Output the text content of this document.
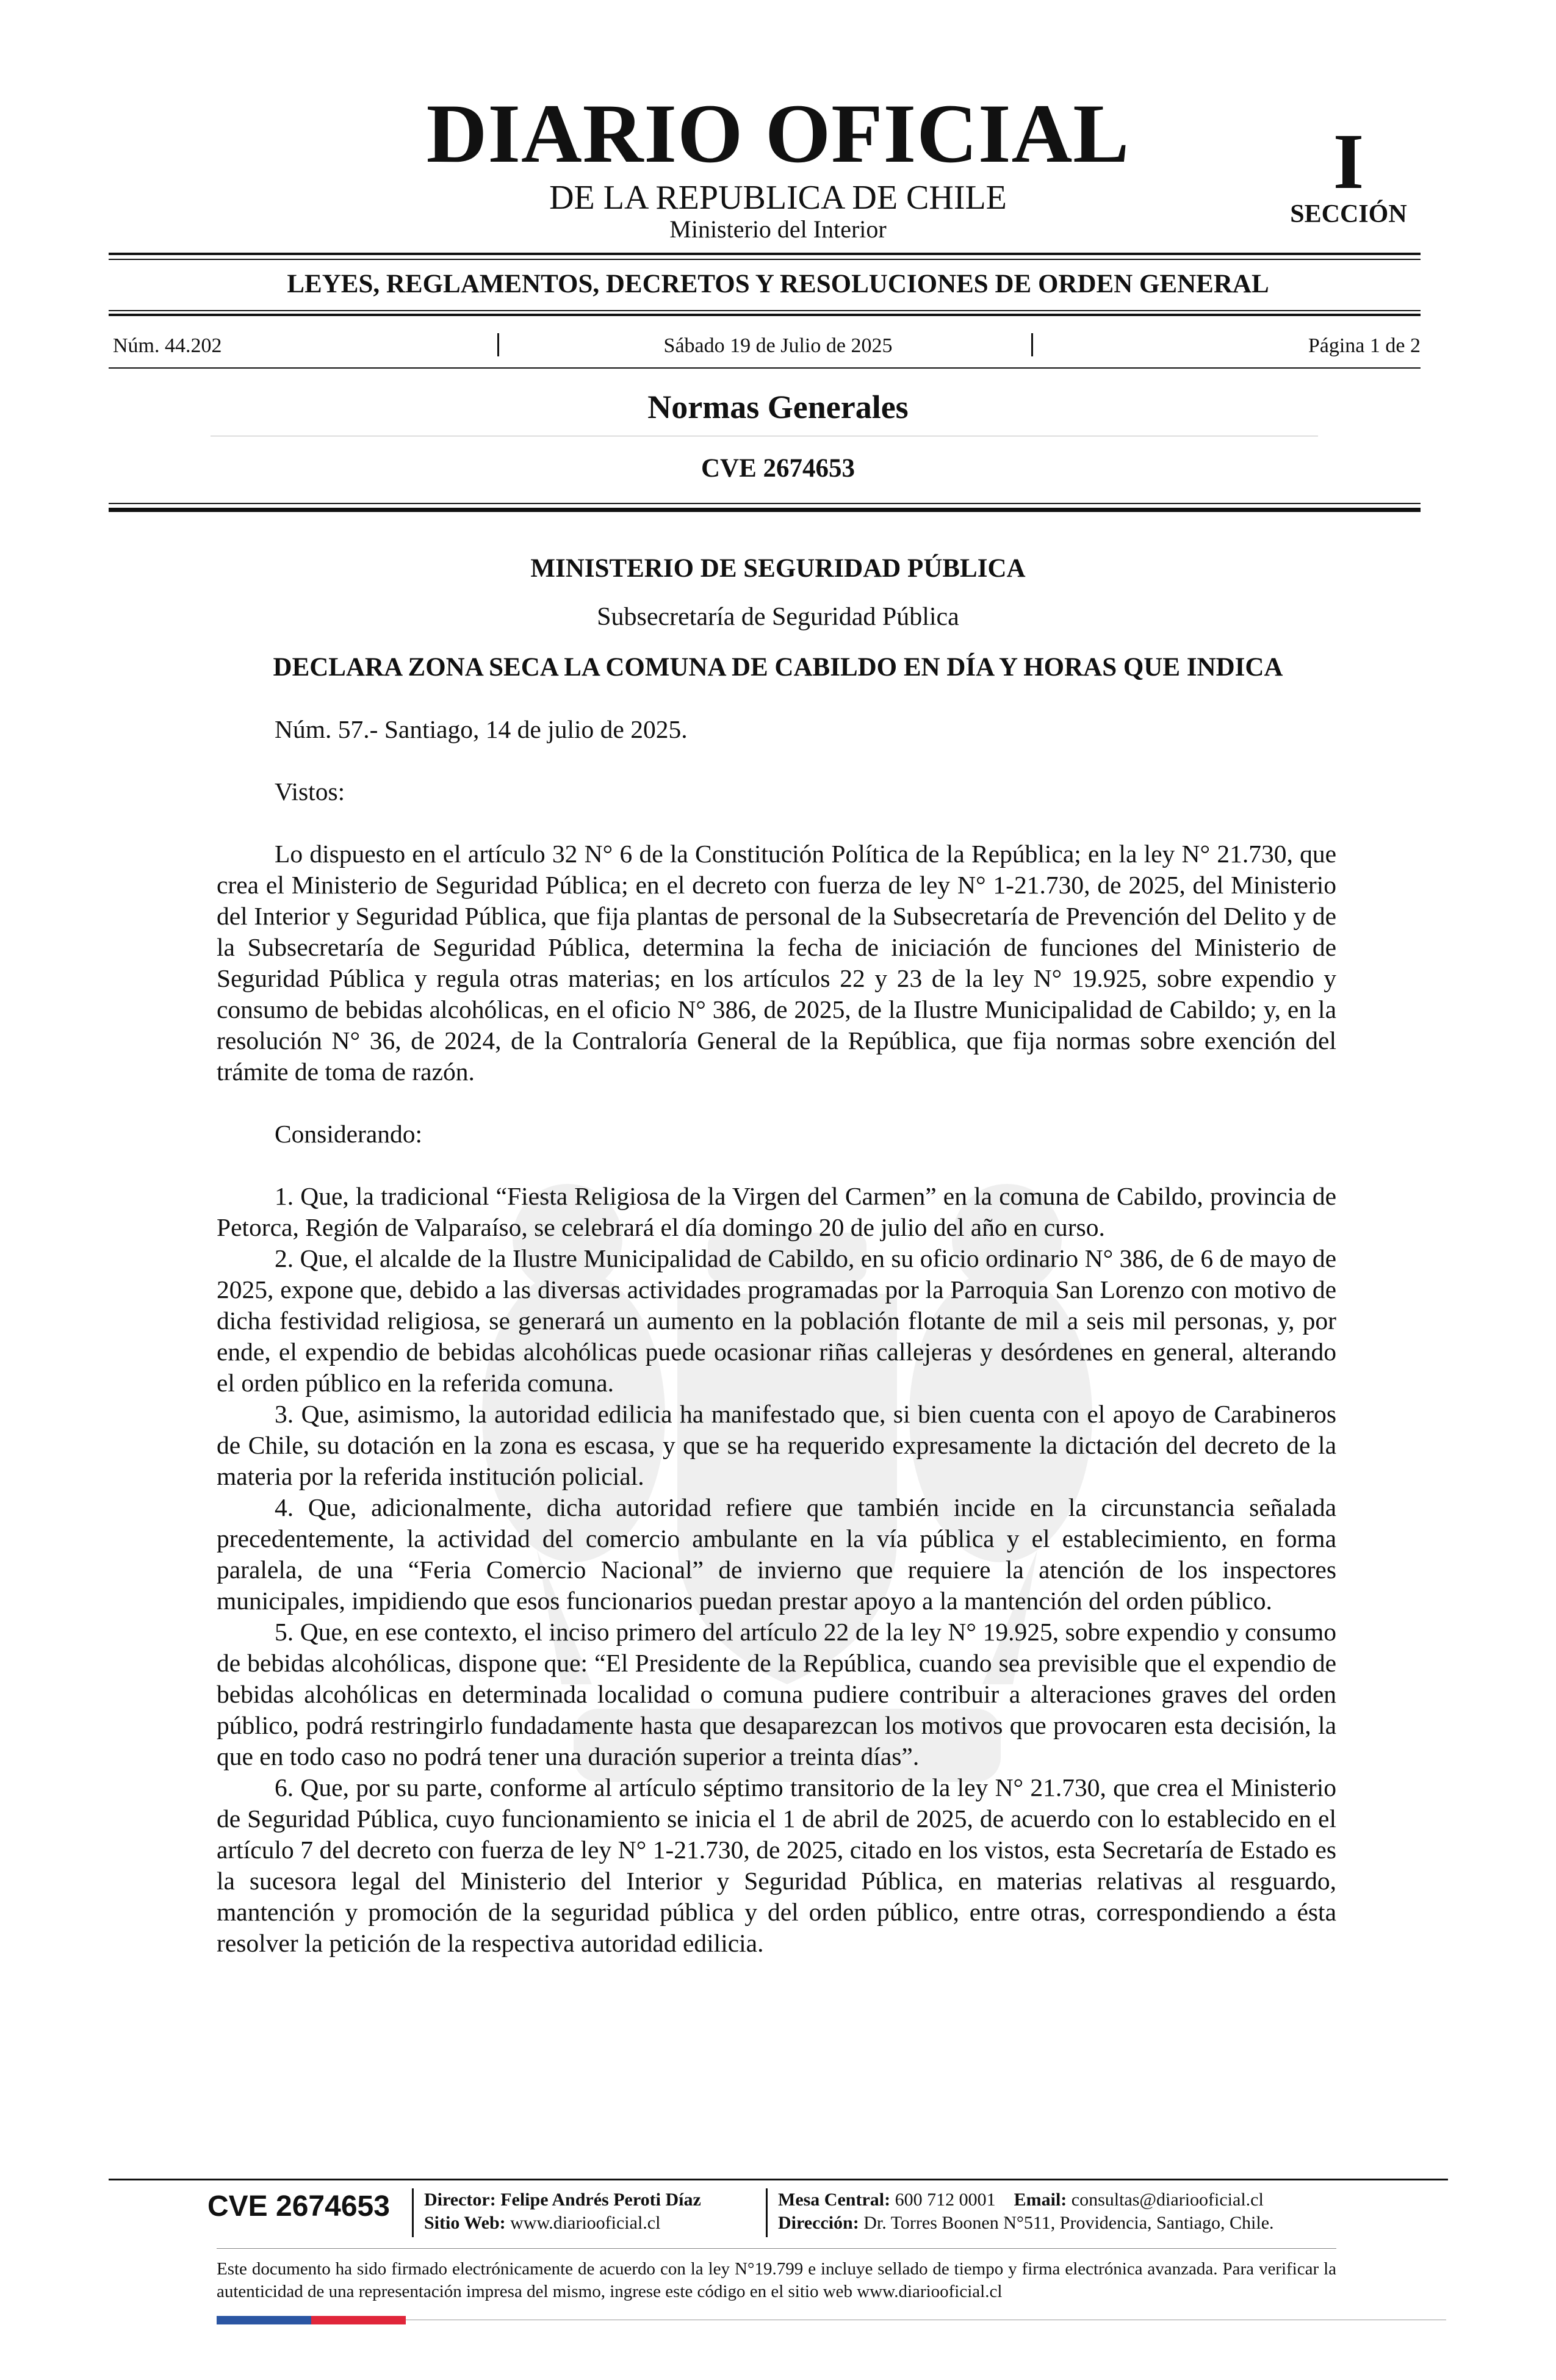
DIARIO OFICIAL
DE LA REPUBLICA DE CHILE
Ministerio del Interior
I
SECCIÓN
LEYES, REGLAMENTOS, DECRETOS Y RESOLUCIONES DE ORDEN GENERAL
Núm. 44.202	Sábado 19 de Julio de 2025	Página 1 de 2
Normas Generales
CVE 2674653
MINISTERIO DE SEGURIDAD PÚBLICA
Subsecretaría de Seguridad Pública
DECLARA ZONA SECA LA COMUNA DE CABILDO EN DÍA Y HORAS QUE INDICA

Núm. 57.- Santiago, 14 de julio de 2025.

Vistos:

Lo dispuesto en el artículo 32 N° 6 de la Constitución Política de la República; en la ley N° 21.730, que crea el Ministerio de Seguridad Pública; en el decreto con fuerza de ley N° 1-21.730, de 2025, del Ministerio del Interior y Seguridad Pública, que fija plantas de personal de la Subsecretaría de Prevención del Delito y de la Subsecretaría de Seguridad Pública, determina la fecha de iniciación de funciones del Ministerio de Seguridad Pública y regula otras materias; en los artículos 22 y 23 de la ley N° 19.925, sobre expendio y consumo de bebidas alcohólicas, en el oficio N° 386, de 2025, de la Ilustre Municipalidad de Cabildo; y, en la resolución N° 36, de 2024, de la Contraloría General de la República, que fija normas sobre exención del trámite de toma de razón.

Considerando:

1. Que, la tradicional “Fiesta Religiosa de la Virgen del Carmen” en la comuna de Cabildo, provincia de Petorca, Región de Valparaíso, se celebrará el día domingo 20 de julio del año en curso.

2. Que, el alcalde de la Ilustre Municipalidad de Cabildo, en su oficio ordinario N° 386, de 6 de mayo de 2025, expone que, debido a las diversas actividades programadas por la Parroquia San Lorenzo con motivo de dicha festividad religiosa, se generará un aumento en la población flotante de mil a seis mil personas, y, por ende, el expendio de bebidas alcohólicas puede ocasionar riñas callejeras y desórdenes en general, alterando el orden público en la referida comuna.

3. Que, asimismo, la autoridad edilicia ha manifestado que, si bien cuenta con el apoyo de Carabineros de Chile, su dotación en la zona es escasa, y que se ha requerido expresamente la dictación del decreto de la materia por la referida institución policial.

4. Que, adicionalmente, dicha autoridad refiere que también incide en la circunstancia señalada precedentemente, la actividad del comercio ambulante en la vía pública y el establecimiento, en forma paralela, de una “Feria Comercio Nacional” de invierno que requiere la atención de los inspectores municipales, impidiendo que esos funcionarios puedan prestar apoyo a la mantención del orden público.

5. Que, en ese contexto, el inciso primero del artículo 22 de la ley N° 19.925, sobre expendio y consumo de bebidas alcohólicas, dispone que: “El Presidente de la República, cuando sea previsible que el expendio de bebidas alcohólicas en determinada localidad o comuna pudiere contribuir a alteraciones graves del orden público, podrá restringirlo fundadamente hasta que desaparezcan los motivos que provocaren esta decisión, la que en todo caso no podrá tener una duración superior a treinta días”.

6. Que, por su parte, conforme al artículo séptimo transitorio de la ley N° 21.730, que crea el Ministerio de Seguridad Pública, cuyo funcionamiento se inicia el 1 de abril de 2025, de acuerdo con lo establecido en el artículo 7 del decreto con fuerza de ley N° 1-21.730, de 2025, citado en los vistos, esta Secretaría de Estado es la sucesora legal del Ministerio del Interior y Seguridad Pública, en materias relativas al resguardo, mantención y promoción de la seguridad pública y del orden público, entre otras, correspondiendo a ésta resolver la petición de la respectiva autoridad edilicia.

CVE 2674653 Director: Felipe Andrés Peroti Díaz
Sitio Web: www.diariooficial.cl
Mesa Central: 600 712 0001 Email: consultas@diariooficial.cl
Dirección: Dr. Torres Boonen N°511, Providencia, Santiago, Chile.
Este documento ha sido firmado electrónicamente de acuerdo con la ley N°19.799 e incluye sellado de tiempo y firma electrónica avanzada. Para verificar la autenticidad de una representación impresa del mismo, ingrese este código en el sitio web www.diariooficial.cl
